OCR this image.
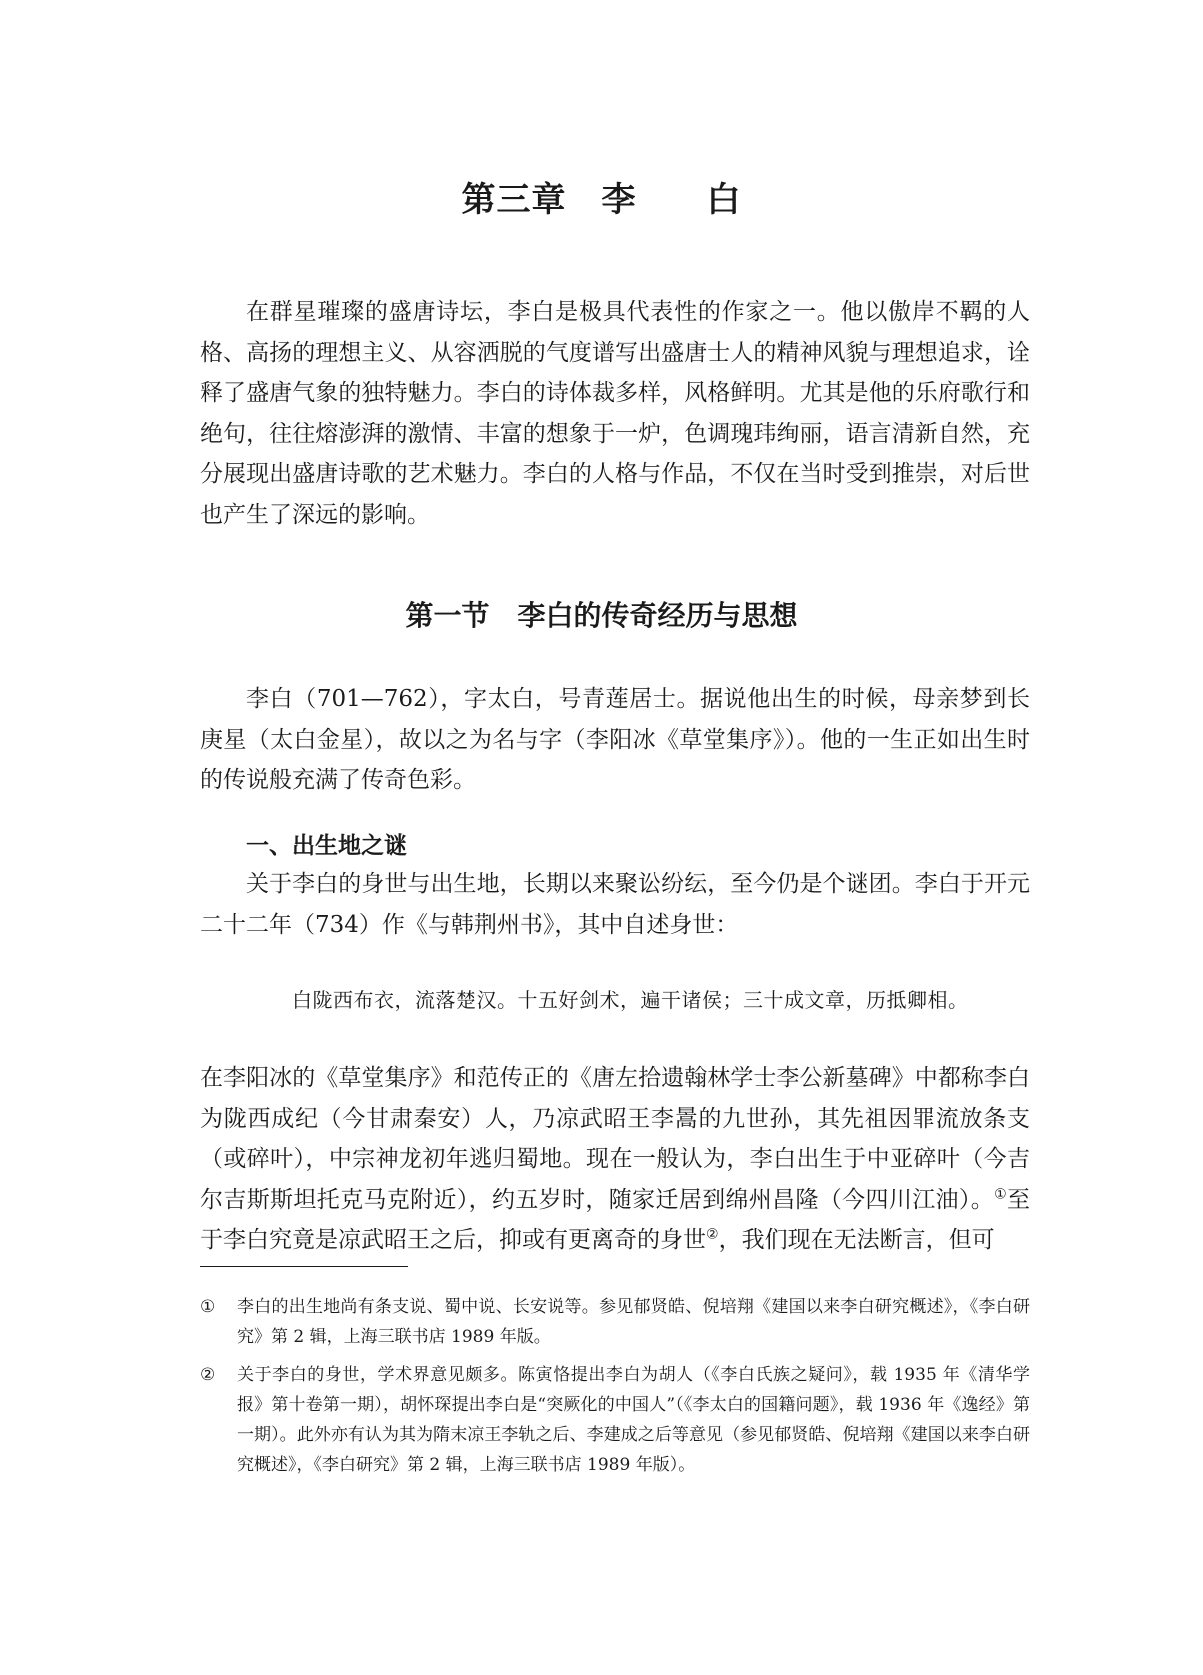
第三章　李　　白
在群星璀璨的盛唐诗坛，李白是极具代表性的作家之一。他以傲岸不羁的人格、高扬的理想主义、从容洒脱的气度谱写出盛唐士人的精神风貌与理想追求，诠释了盛唐气象的独特魅力。李白的诗体裁多样，风格鲜明。尤其是他的乐府歌行和绝句，往往熔澎湃的激情、丰富的想象于一炉，色调瑰玮绚丽，语言清新自然，充分展现出盛唐诗歌的艺术魅力。李白的人格与作品，不仅在当时受到推崇，对后世也产生了深远的影响。
第一节　李白的传奇经历与思想
李白（701—762），字太白，号青莲居士。据说他出生的时候，母亲梦到长庚星（太白金星），故以之为名与字（李阳冰《草堂集序》）。他的一生正如出生时的传说般充满了传奇色彩。
一、出生地之谜
关于李白的身世与出生地，长期以来聚讼纷纭，至今仍是个谜团。李白于开元二十二年（734）作《与韩荆州书》，其中自述身世：
白陇西布衣，流落楚汉。十五好剑术，遍干诸侯；三十成文章，历抵卿相。
在李阳冰的《草堂集序》和范传正的《唐左拾遗翰林学士李公新墓碑》中都称李白为陇西成纪（今甘肃秦安）人，乃凉武昭王李暠的九世孙，其先祖因罪流放条支（或碎叶），中宗神龙初年逃归蜀地。现在一般认为，李白出生于中亚碎叶（今吉尔吉斯斯坦托克马克附近），约五岁时，随家迁居到绵州昌隆（今四川江油）。①至于李白究竟是凉武昭王之后，抑或有更离奇的身世②，我们现在无法断言，但可
① 李白的出生地尚有条支说、蜀中说、长安说等。参见郁贤皓、倪培翔《建国以来李白研究概述》，《李白研究》第 2 辑，上海三联书店 1989 年版。
② 关于李白的身世，学术界意见颇多。陈寅恪提出李白为胡人（《李白氏族之疑问》，载 1935 年《清华学报》第十卷第一期），胡怀琛提出李白是“突厥化的中国人”（《李太白的国籍问题》，载 1936 年《逸经》第一期）。此外亦有认为其为隋末凉王李轨之后、李建成之后等意见（参见郁贤皓、倪培翔《建国以来李白研究概述》，《李白研究》第 2 辑，上海三联书店 1989 年版）。
